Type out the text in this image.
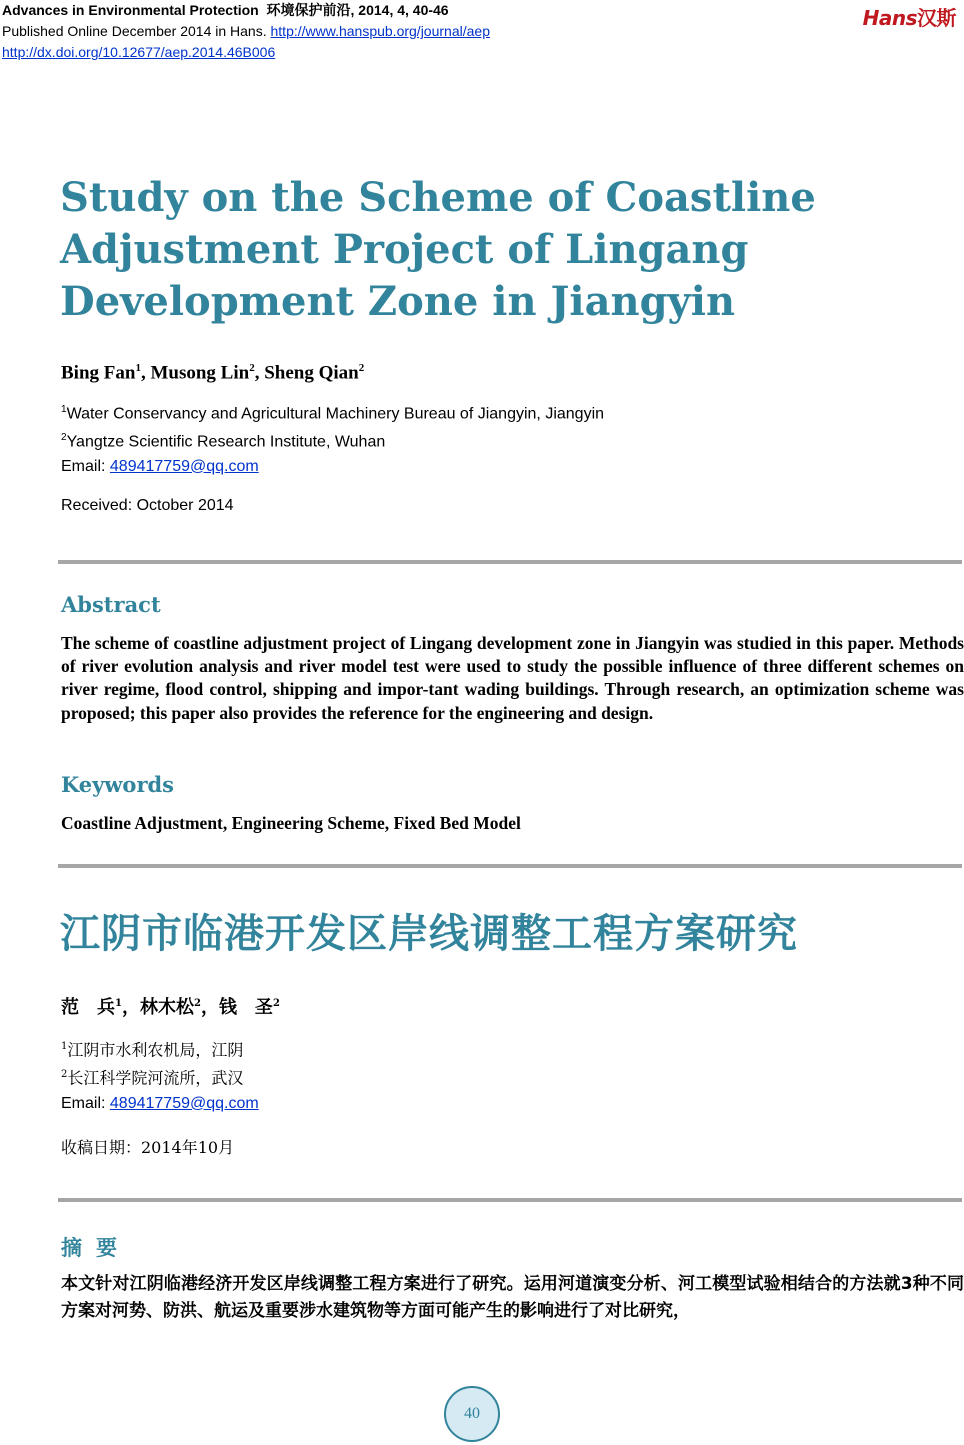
Advances in Environmental Protection 环境保护前沿, 2014, 4, 40-46
Published Online December 2014 in Hans. http://www.hanspub.org/journal/aep
http://dx.doi.org/10.12677/aep.2014.46B006
Hans汉斯
Study on the Scheme of Coastline Adjustment Project of Lingang Development Zone in Jiangyin
Bing Fan$^1$, Musong Lin$^2$, Sheng Qian$^2$
$^1$Water Conservancy and Agricultural Machinery Bureau of Jiangyin, Jiangyin
$^2$Yangtze Scientific Research Institute, Wuhan
Email: 489417759@qq.com
Received: October 2014
Abstract

The scheme of coastline adjustment project of Lingang development zone in Jiangyin was studied in this paper. Methods of river evolution analysis and river model test were used to study the possible influence of three different schemes on river regime, flood control, shipping and impor-tant wading buildings. Through research, an optimization scheme was proposed; this paper also provides the reference for the engineering and design.

Keywords
Coastline Adjustment, Engineering Scheme, Fixed Bed Model
江阴市临港开发区岸线调整工程方案研究
范　兵$^1$，林木松$^2$，钱　圣$^2$
$^1$江阴市水利农机局，江阴
$^2$长江科学院河流所，武汉
Email: 489417759@qq.com
收稿日期：2014年10月
摘要

本文针对江阴临港经济开发区岸线调整工程方案进行了研究。运用河道演变分析、河工模型试验相结合的方法就3种不同方案对河势、防洪、航运及重要涉水建筑物等方面可能产生的影响进行了对比研究，

40
